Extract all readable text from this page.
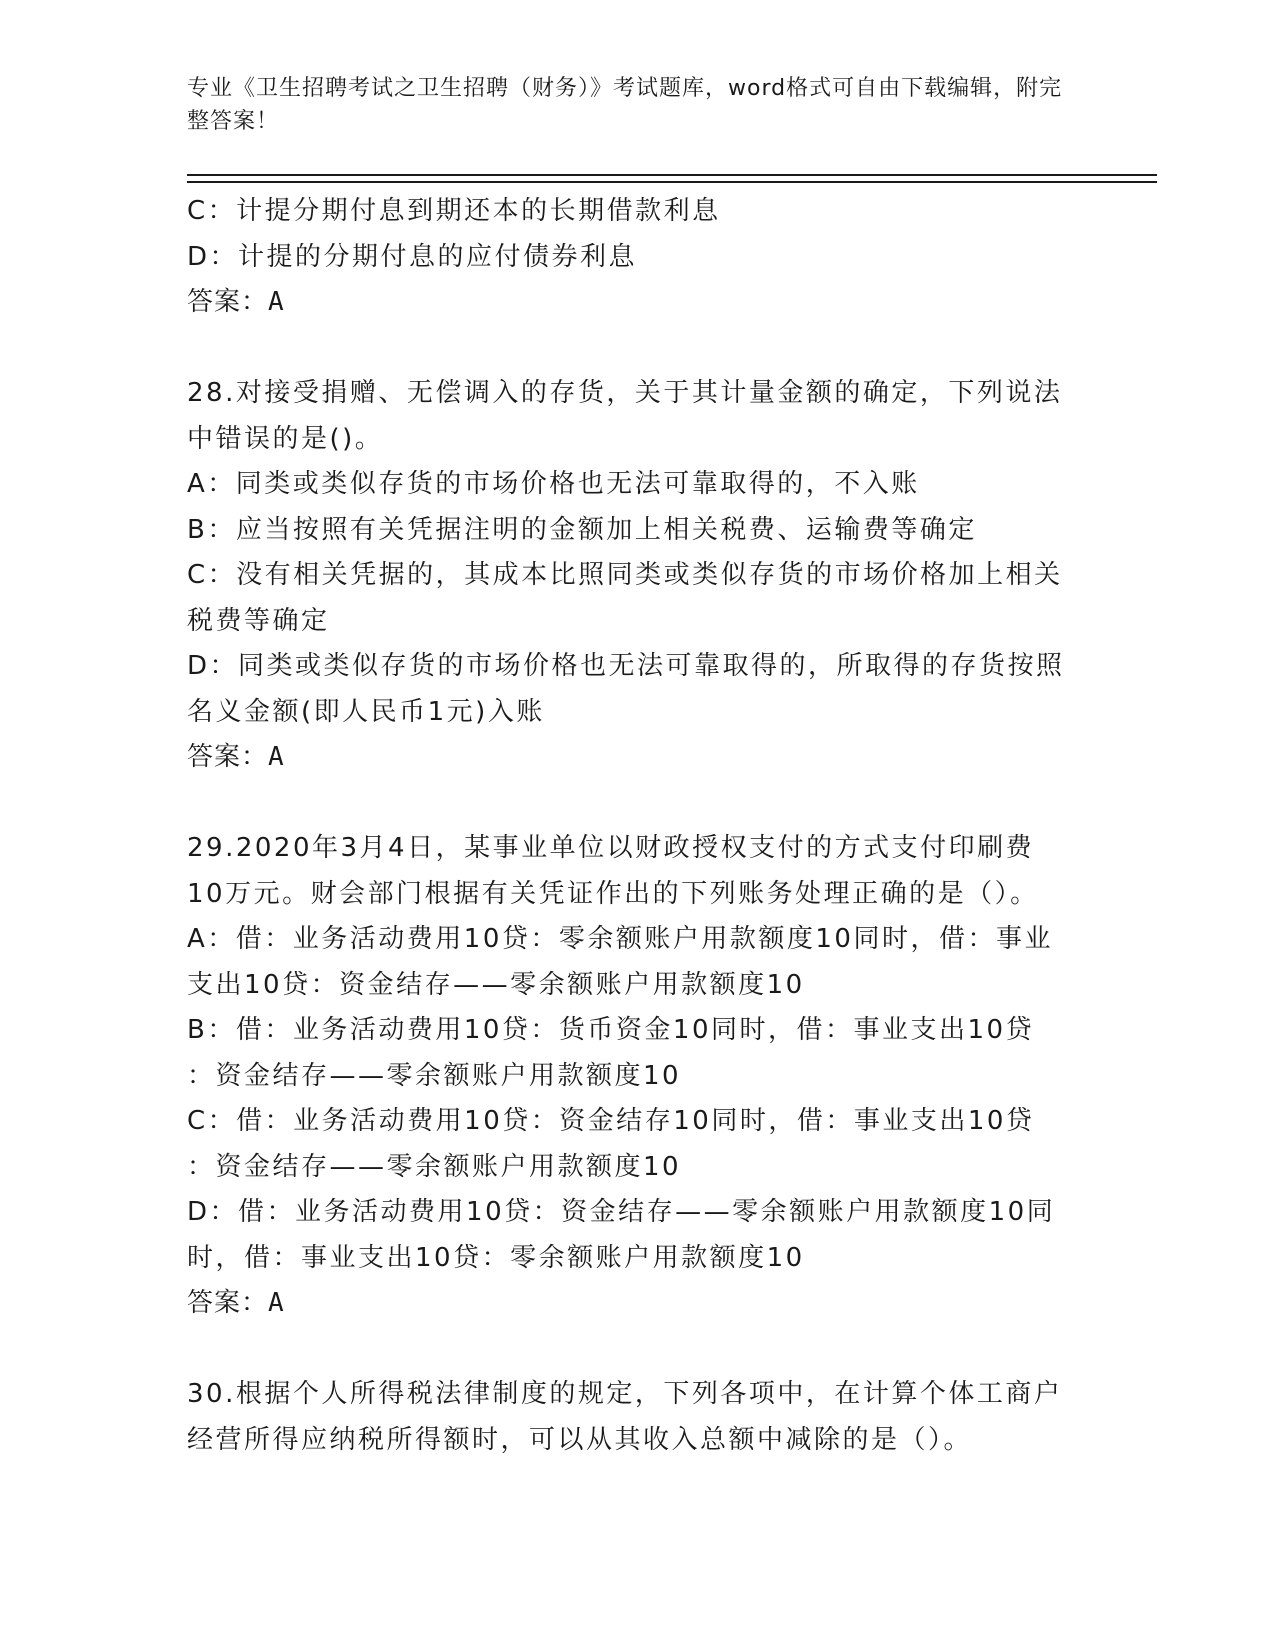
专业《卫生招聘考试之卫生招聘（财务）》考试题库，word格式可自由下载编辑，附完整答案！

C：计提分期付息到期还本的长期借款利息

D：计提的分期付息的应付债券利息

答案：A

28.对接受捐赠、无偿调入的存货，关于其计量金额的确定，下列说法

中错误的是()。

A：同类或类似存货的市场价格也无法可靠取得的，不入账

B：应当按照有关凭据注明的金额加上相关税费、运输费等确定

C：没有相关凭据的，其成本比照同类或类似存货的市场价格加上相关

税费等确定

D：同类或类似存货的市场价格也无法可靠取得的，所取得的存货按照

名义金额(即人民币1元)入账

答案：A

29.2020年3月4日，某事业单位以财政授权支付的方式支付印刷费

10万元。财会部门根据有关凭证作出的下列账务处理正确的是（）。

A：借：业务活动费用10贷：零余额账户用款额度10同时，借：事业

支出10贷：资金结存——零余额账户用款额度10

B：借：业务活动费用10贷：货币资金10同时，借：事业支出10贷

：资金结存——零余额账户用款额度10

C：借：业务活动费用10贷：资金结存10同时，借：事业支出10贷

：资金结存——零余额账户用款额度10

D：借：业务活动费用10贷：资金结存——零余额账户用款额度10同

时，借：事业支出10贷：零余额账户用款额度10

答案：A

30.根据个人所得税法律制度的规定，下列各项中，在计算个体工商户

经营所得应纳税所得额时，可以从其收入总额中减除的是（）。
